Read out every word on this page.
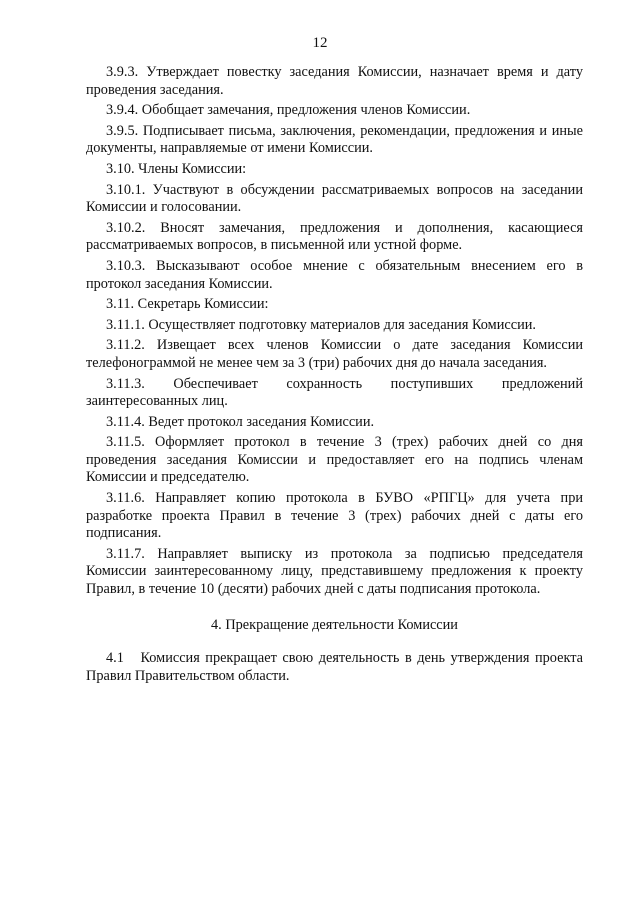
12

3.9.3. Утверждает повестку заседания Комиссии, назначает время и дату проведения заседания.

3.9.4. Обобщает замечания, предложения членов Комиссии.

3.9.5. Подписывает письма, заключения, рекомендации, предложения и иные документы, направляемые от имени Комиссии.

3.10. Члены Комиссии:

3.10.1. Участвуют в обсуждении рассматриваемых вопросов на заседании Комиссии и голосовании.

3.10.2. Вносят замечания, предложения и дополнения, касающиеся рассматриваемых вопросов, в письменной или устной форме.

3.10.3. Высказывают особое мнение с обязательным внесением его в протокол заседания Комиссии.

3.11. Секретарь Комиссии:

3.11.1. Осуществляет подготовку материалов для заседания Комиссии.

3.11.2. Извещает всех членов Комиссии о дате заседания Комиссии телефонограммой не менее чем за 3 (три) рабочих дня до начала заседания.

3.11.3. Обеспечивает сохранность поступивших предложений заинтересованных лиц.

3.11.4. Ведет протокол заседания Комиссии.

3.11.5. Оформляет протокол в течение 3 (трех) рабочих дней со дня проведения заседания Комиссии и предоставляет его на подпись членам Комиссии и председателю.

3.11.6. Направляет копию протокола в БУВО «РПГЦ» для учета при разработке проекта Правил в течение 3 (трех) рабочих дней с даты его подписания.

3.11.7. Направляет выписку из протокола за подписью председателя Комиссии заинтересованному лицу, представившему предложения к проекту Правил, в течение 10 (десяти) рабочих дней с даты подписания протокола.

4. Прекращение деятельности Комиссии

4.1   Комиссия прекращает свою деятельность в день утверждения проекта Правил Правительством области.
